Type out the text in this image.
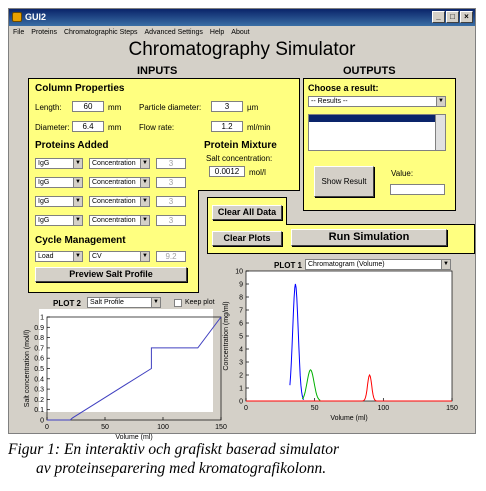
GUI2	_	□	×
File Proteins Chromatographic Steps Advanced Settings Help About
Chromatography Simulator
INPUTS	OUTPUTS
Column Properties
Length:	60	mm
Diameter:	6.4	mm
Particle diameter:	3	µm
Flow rate:	1.2	ml/min
Proteins Added
IgG	▼	Concentration	▼	3
IgG	▼	Concentration	▼	3
IgG	▼	Concentration	▼	3
IgG	▼	Concentration	▼	3
Protein Mixture
Salt concentration:
0.0012	mol/l
Cycle Management
Load	▼	CV	▼	9.2
Preview Salt Profile
Choose a result:
-- Results --	▼
Show Result
Value:
Clear All Data
Clear Plots	Run Simulation
PLOT 1 Chromatogram (Volume)	▼
0	50	100	150
0
1
2
3
4
5
6
7
8
9
10
Volume (ml)
Concentration (mg/ml)
PLOT 2	Salt Profile	▼	Keep plot
0	50	100	150
0
0.1
0.2
0.3
0.4
0.5
0.6
0.7
0.8
0.9
1
Volume (ml)
Salt concentration (mol/l)
Figur 1: En interaktiv och grafiskt baserad simulator
av proteinseparering med kromatografikolonn.
